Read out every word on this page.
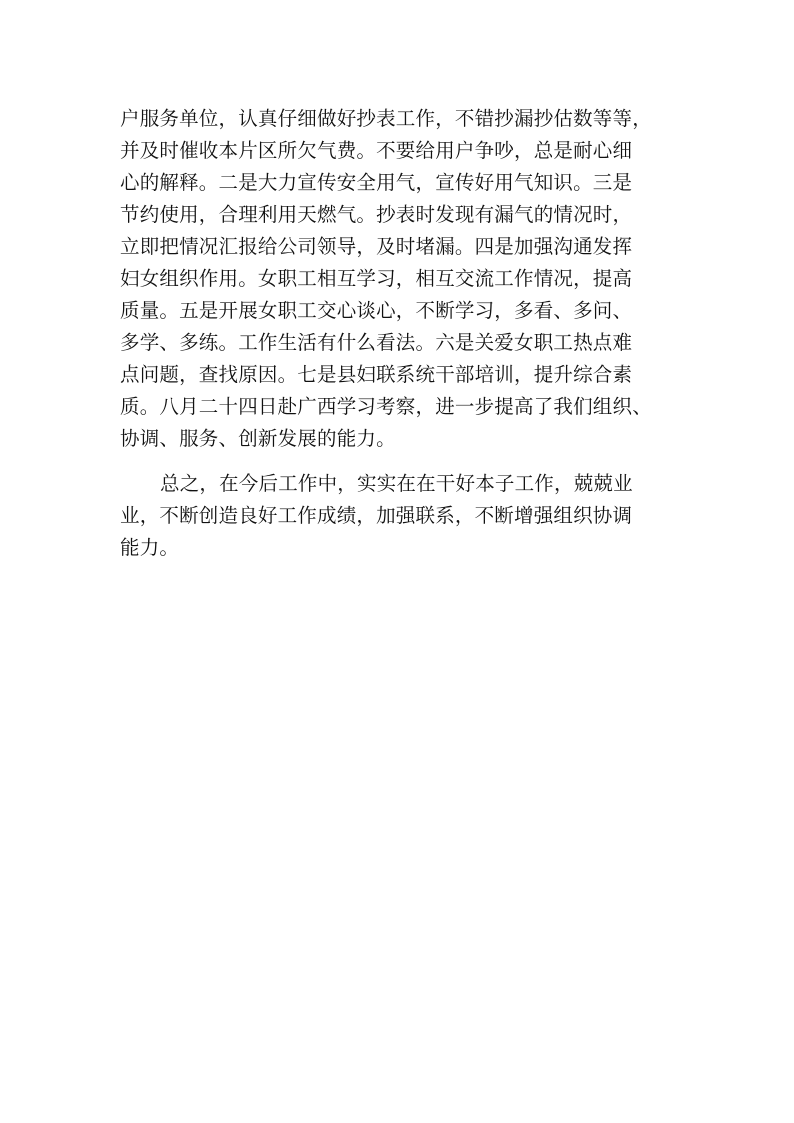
户服务单位，认真仔细做好抄表工作，不错抄漏抄估数等等，
并及时催收本片区所欠气费。不要给用户争吵，总是耐心细
心的解释。二是大力宣传安全用气，宣传好用气知识。三是
节约使用，合理利用天燃气。抄表时发现有漏气的情况时，
立即把情况汇报给公司领导，及时堵漏。四是加强沟通发挥
妇女组织作用。女职工相互学习，相互交流工作情况，提高
质量。五是开展女职工交心谈心，不断学习，多看、多问、
多学、多练。工作生活有什么看法。六是关爱女职工热点难
点问题，查找原因。七是县妇联系统干部培训，提升综合素
质。八月二十四日赴广西学习考察，进一步提高了我们组织、
协调、服务、创新发展的能力。
总之，在今后工作中，实实在在干好本子工作，兢兢业
业，不断创造良好工作成绩，加强联系，不断增强组织协调
能力。
